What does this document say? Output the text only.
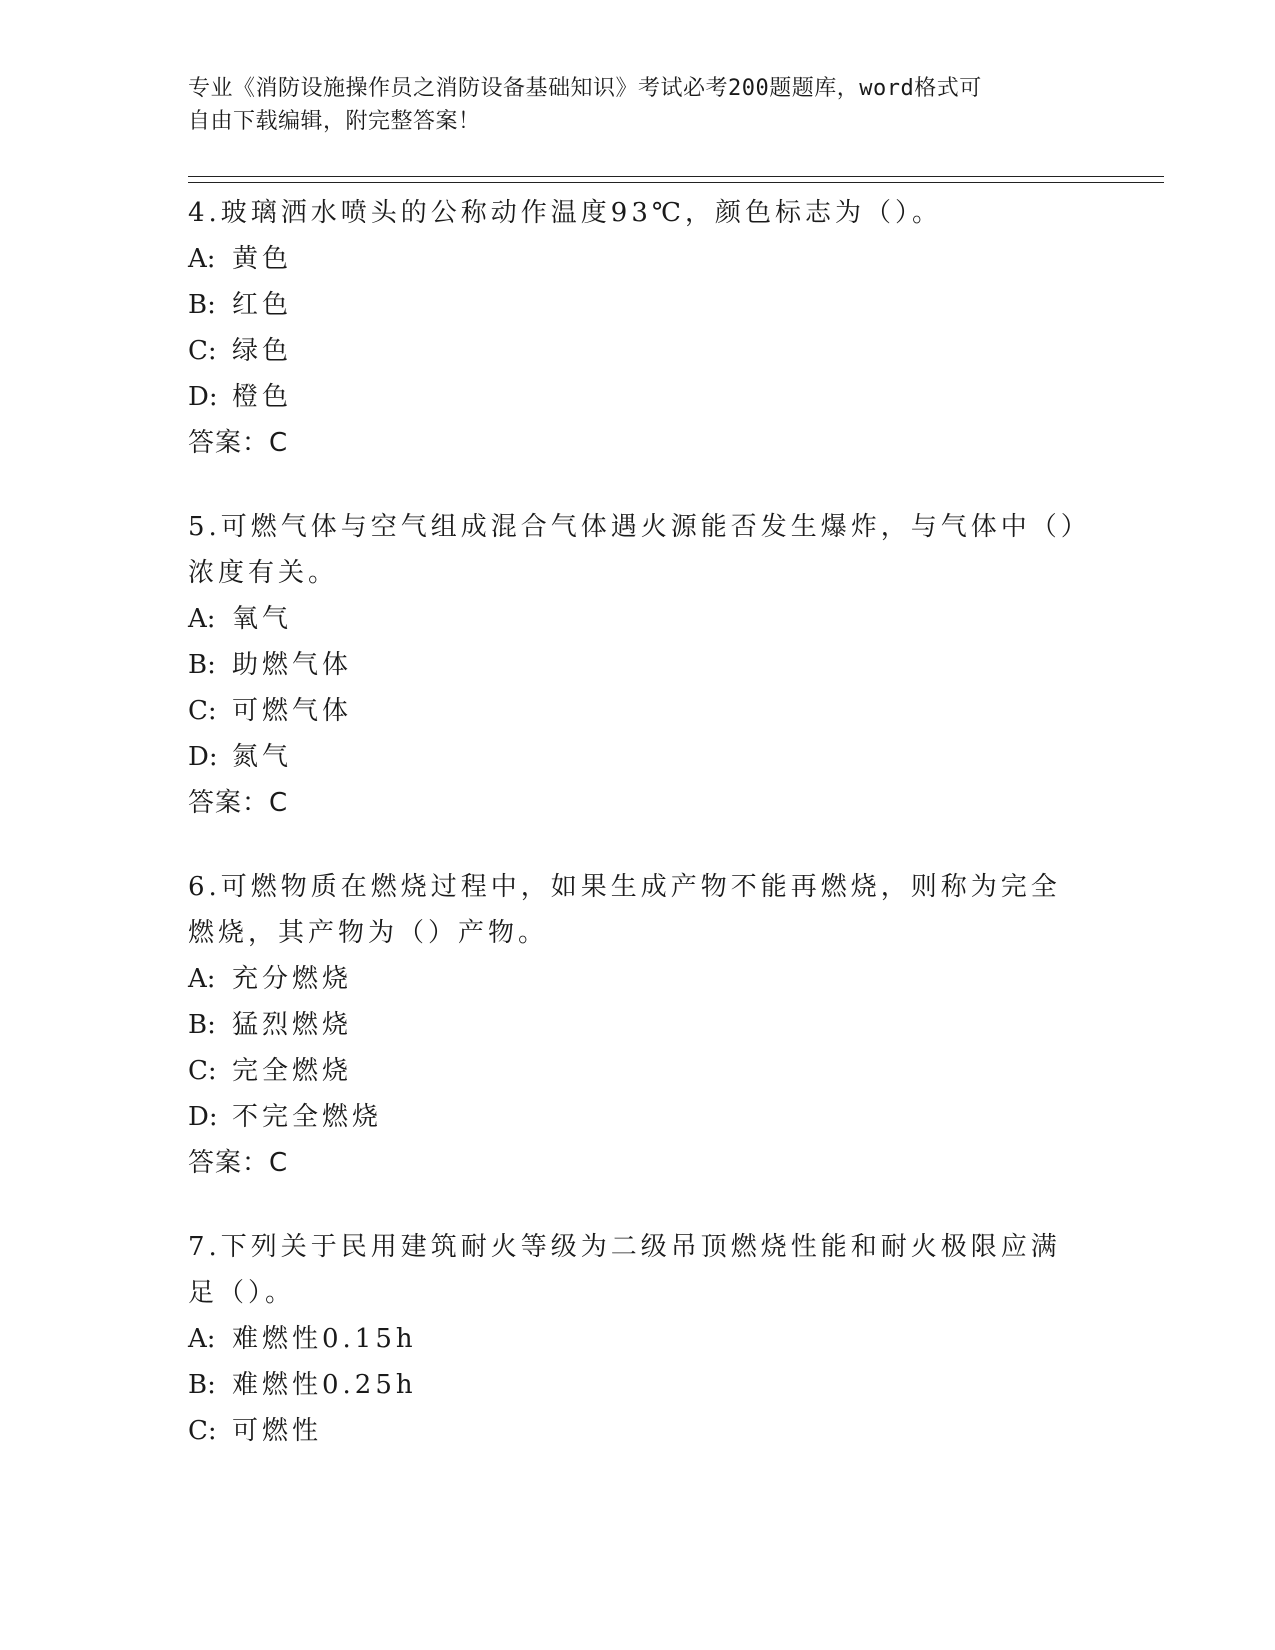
专业《消防设施操作员之消防设备基础知识》考试必考200题题库，word格式可
自由下载编辑，附完整答案！
4.玻璃洒水喷头的公称动作温度93℃，颜色标志为（）。
A: 黄色
B: 红色
C: 绿色
D: 橙色
答案：C
5.可燃气体与空气组成混合气体遇火源能否发生爆炸，与气体中（）浓度有关。
A: 氧气
B: 助燃气体
C: 可燃气体
D: 氮气
答案：C
6.可燃物质在燃烧过程中，如果生成产物不能再燃烧，则称为完全燃烧，其产物为（）产物。
A: 充分燃烧
B: 猛烈燃烧
C: 完全燃烧
D: 不完全燃烧
答案：C
7.下列关于民用建筑耐火等级为二级吊顶燃烧性能和耐火极限应满足（）。
A: 难燃性0.15h
B: 难燃性0.25h
C: 可燃性
